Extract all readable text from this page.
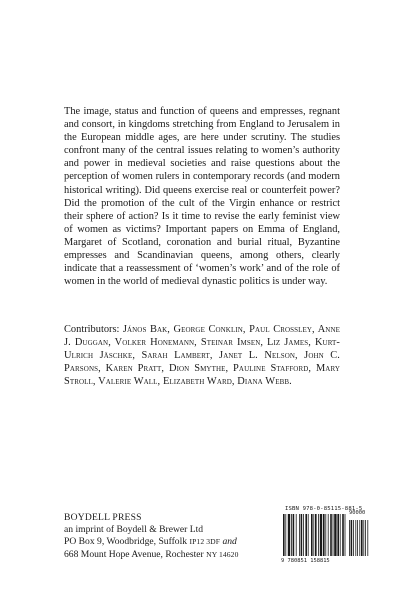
The image, status and function of queens and empresses, regnant and consort, in kingdoms stretching from England to Jerusalem in the European middle ages, are here under scrutiny. The studies confront many of the central issues relating to women’s authority and power in medieval societies and raise questions about the perception of women rulers in contemporary records (and modern historical writing). Did queens exercise real or counterfeit power? Did the promotion of the cult of the Virgin enhance or restrict their sphere of action? Is it time to revise the early feminist view of women as victims? Important papers on Emma of England, Margaret of Scotland, coronation and burial ritual, Byzantine empresses and Scandinavian queens, among others, clearly indicate that a reassessment of ‘women’s work’ and of the role of women in the world of medieval dynastic politics is under way.

Contributors: János Bak, George Conklin, Paul Crossley, Anne J. Duggan, Volker Honemann, Steinar Imsen, Liz James, Kurt-Ulrich Jäschke, Sarah Lambert, Janet L. Nelson, John C. Parsons, Karen Pratt, Dion Smythe, Pauline Stafford, Mary Stroll, Valerie Wall, Elizabeth Ward, Diana Webb.

BOYDELL PRESS
an imprint of Boydell & Brewer Ltd
PO Box 9, Woodbridge, Suffolk IP12 3DF and
668 Mount Hope Avenue, Rochester NY 14620
ISBN 978-0-85115-881-5
9 780851 158815
90000
